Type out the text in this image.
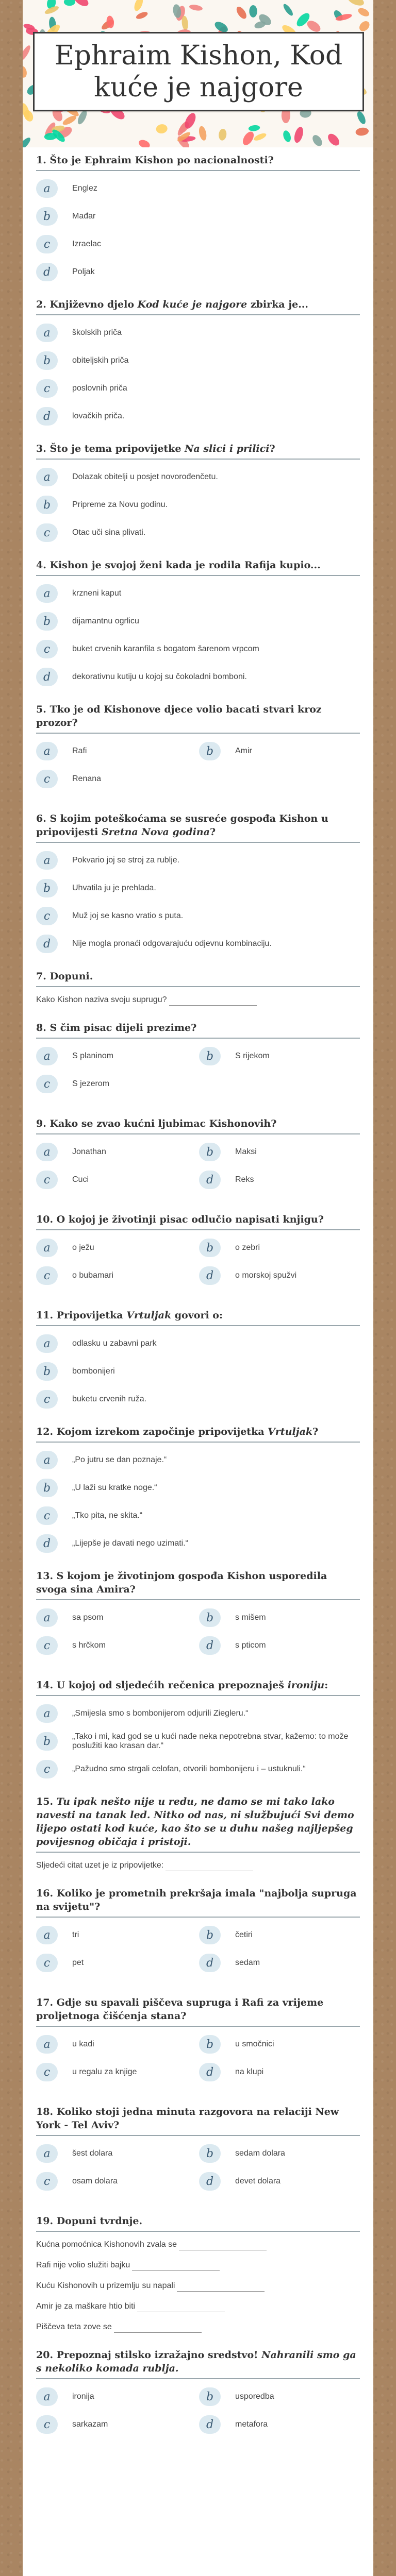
Ephraim Kishon, Kod kuće je najgore
1. Što je Ephraim Kishon po nacionalnosti?
a	Englez
b	Mađar
c	Izraelac
d	Poljak
2. Književno djelo Kod kuće je najgore zbirka je...
a	školskih priča
b	obiteljskih priča
c	poslovnih priča
d	lovačkih priča.
3. Što je tema pripovijetke Na slici i prilici?
a	Dolazak obitelji u posjet novorođenčetu.
b	Pripreme za Novu godinu.
c	Otac uči sina plivati.
4. Kishon je svojoj ženi kada je rodila Rafija kupio...
a	krzneni kaput
b	dijamantnu ogrlicu
c	buket crvenih karanfila s bogatom šarenom vrpcom
d	dekorativnu kutiju u kojoj su čokoladni bomboni.
5. Tko je od Kishonove djece volio bacati stvari kroz prozor?
a	Rafi	b	Amir
c	Renana
6. S kojim poteškoćama se susreće gospođa Kishon u pripovijesti Sretna Nova godina?
a	Pokvario joj se stroj za rublje.
b	Uhvatila ju je prehlada.
c	Muž joj se kasno vratio s puta.
d	Nije mogla pronaći odgovarajuću odjevnu kombinaciju.
7. Dopuni.
Kako Kishon naziva svoju suprugu?
8. S čim pisac dijeli prezime?
a	S planinom	b	S rijekom
c	S jezerom
9. Kako se zvao kućni ljubimac Kishonovih?
a	Jonathan	b	Maksi
c	Cuci	d	Reks
10. O kojoj je životinji pisac odlučio napisati knjigu?
a	o ježu	b	o zebri
c	o bubamari	d	o morskoj spužvi
11. Pripovijetka Vrtuljak govori o:
a	odlasku u zabavni park
b	bombonijeri
c	buketu crvenih ruža.
12. Kojom izrekom započinje pripovijetka Vrtuljak?
a	„Po jutru se dan poznaje.“
b	„U laži su kratke noge.“
c	„Tko pita, ne skita.“
d	„Lijepše je davati nego uzimati.“
13. S kojom je životinjom gospođa Kishon usporedila svoga sina Amira?
a	sa psom	b	s mišem
c	s hrčkom	d	s pticom
14. U kojoj od sljedećih rečenica prepoznaješ ironiju:
a	„Smijeslа smo s bombonijerom odjurili Ziegleru.“
b	„Tako i mi, kad god se u kući nađe neka nepotrebna stvar, kažemo: to može poslužiti kao krasan dar.“
c	„Pažudno smo strgali celofan, otvorili bombonijeru i – ustuknuli.“
15. Tu ipak nešto nije u redu, ne damo se mi tako lako navesti na tanak led. Nitko od nas, ni službujući Svi demo lijepo ostati kod kuće, kao što se u duhu našeg najljepšeg povijesnog običaja i pristoji.
Sljedeći citat uzet je iz pripovijetke:
16. Koliko je prometnih prekršaja imala "najbolja supruga na svijetu"?
a	tri	b	četiri
c	pet	d	sedam
17. Gdje su spavali piščeva supruga i Rafi za vrijeme proljetnoga čišćenja stana?
a	u kadi	b	u smočnici
c	u regalu za knjige	d	na klupi
18. Koliko stoji jedna minuta razgovora na relaciji New York - Tel Aviv?
a	šest dolara	b	sedam dolara
c	osam dolara	d	devet dolara
19. Dopuni tvrdnje.
Kućna pomoćnica Kishonovih zvala se
Rafi nije volio služiti bajku
Kuću Kishonovih u prizemlju su napali
Amir je za maškare htio biti
Piščeva teta zove se
20. Prepoznaj stilsko izražajno sredstvo! Nahranili smo ga s nekoliko komada rublja.
a	ironija	b	usporedba
c	sarkazam	d	metafora
